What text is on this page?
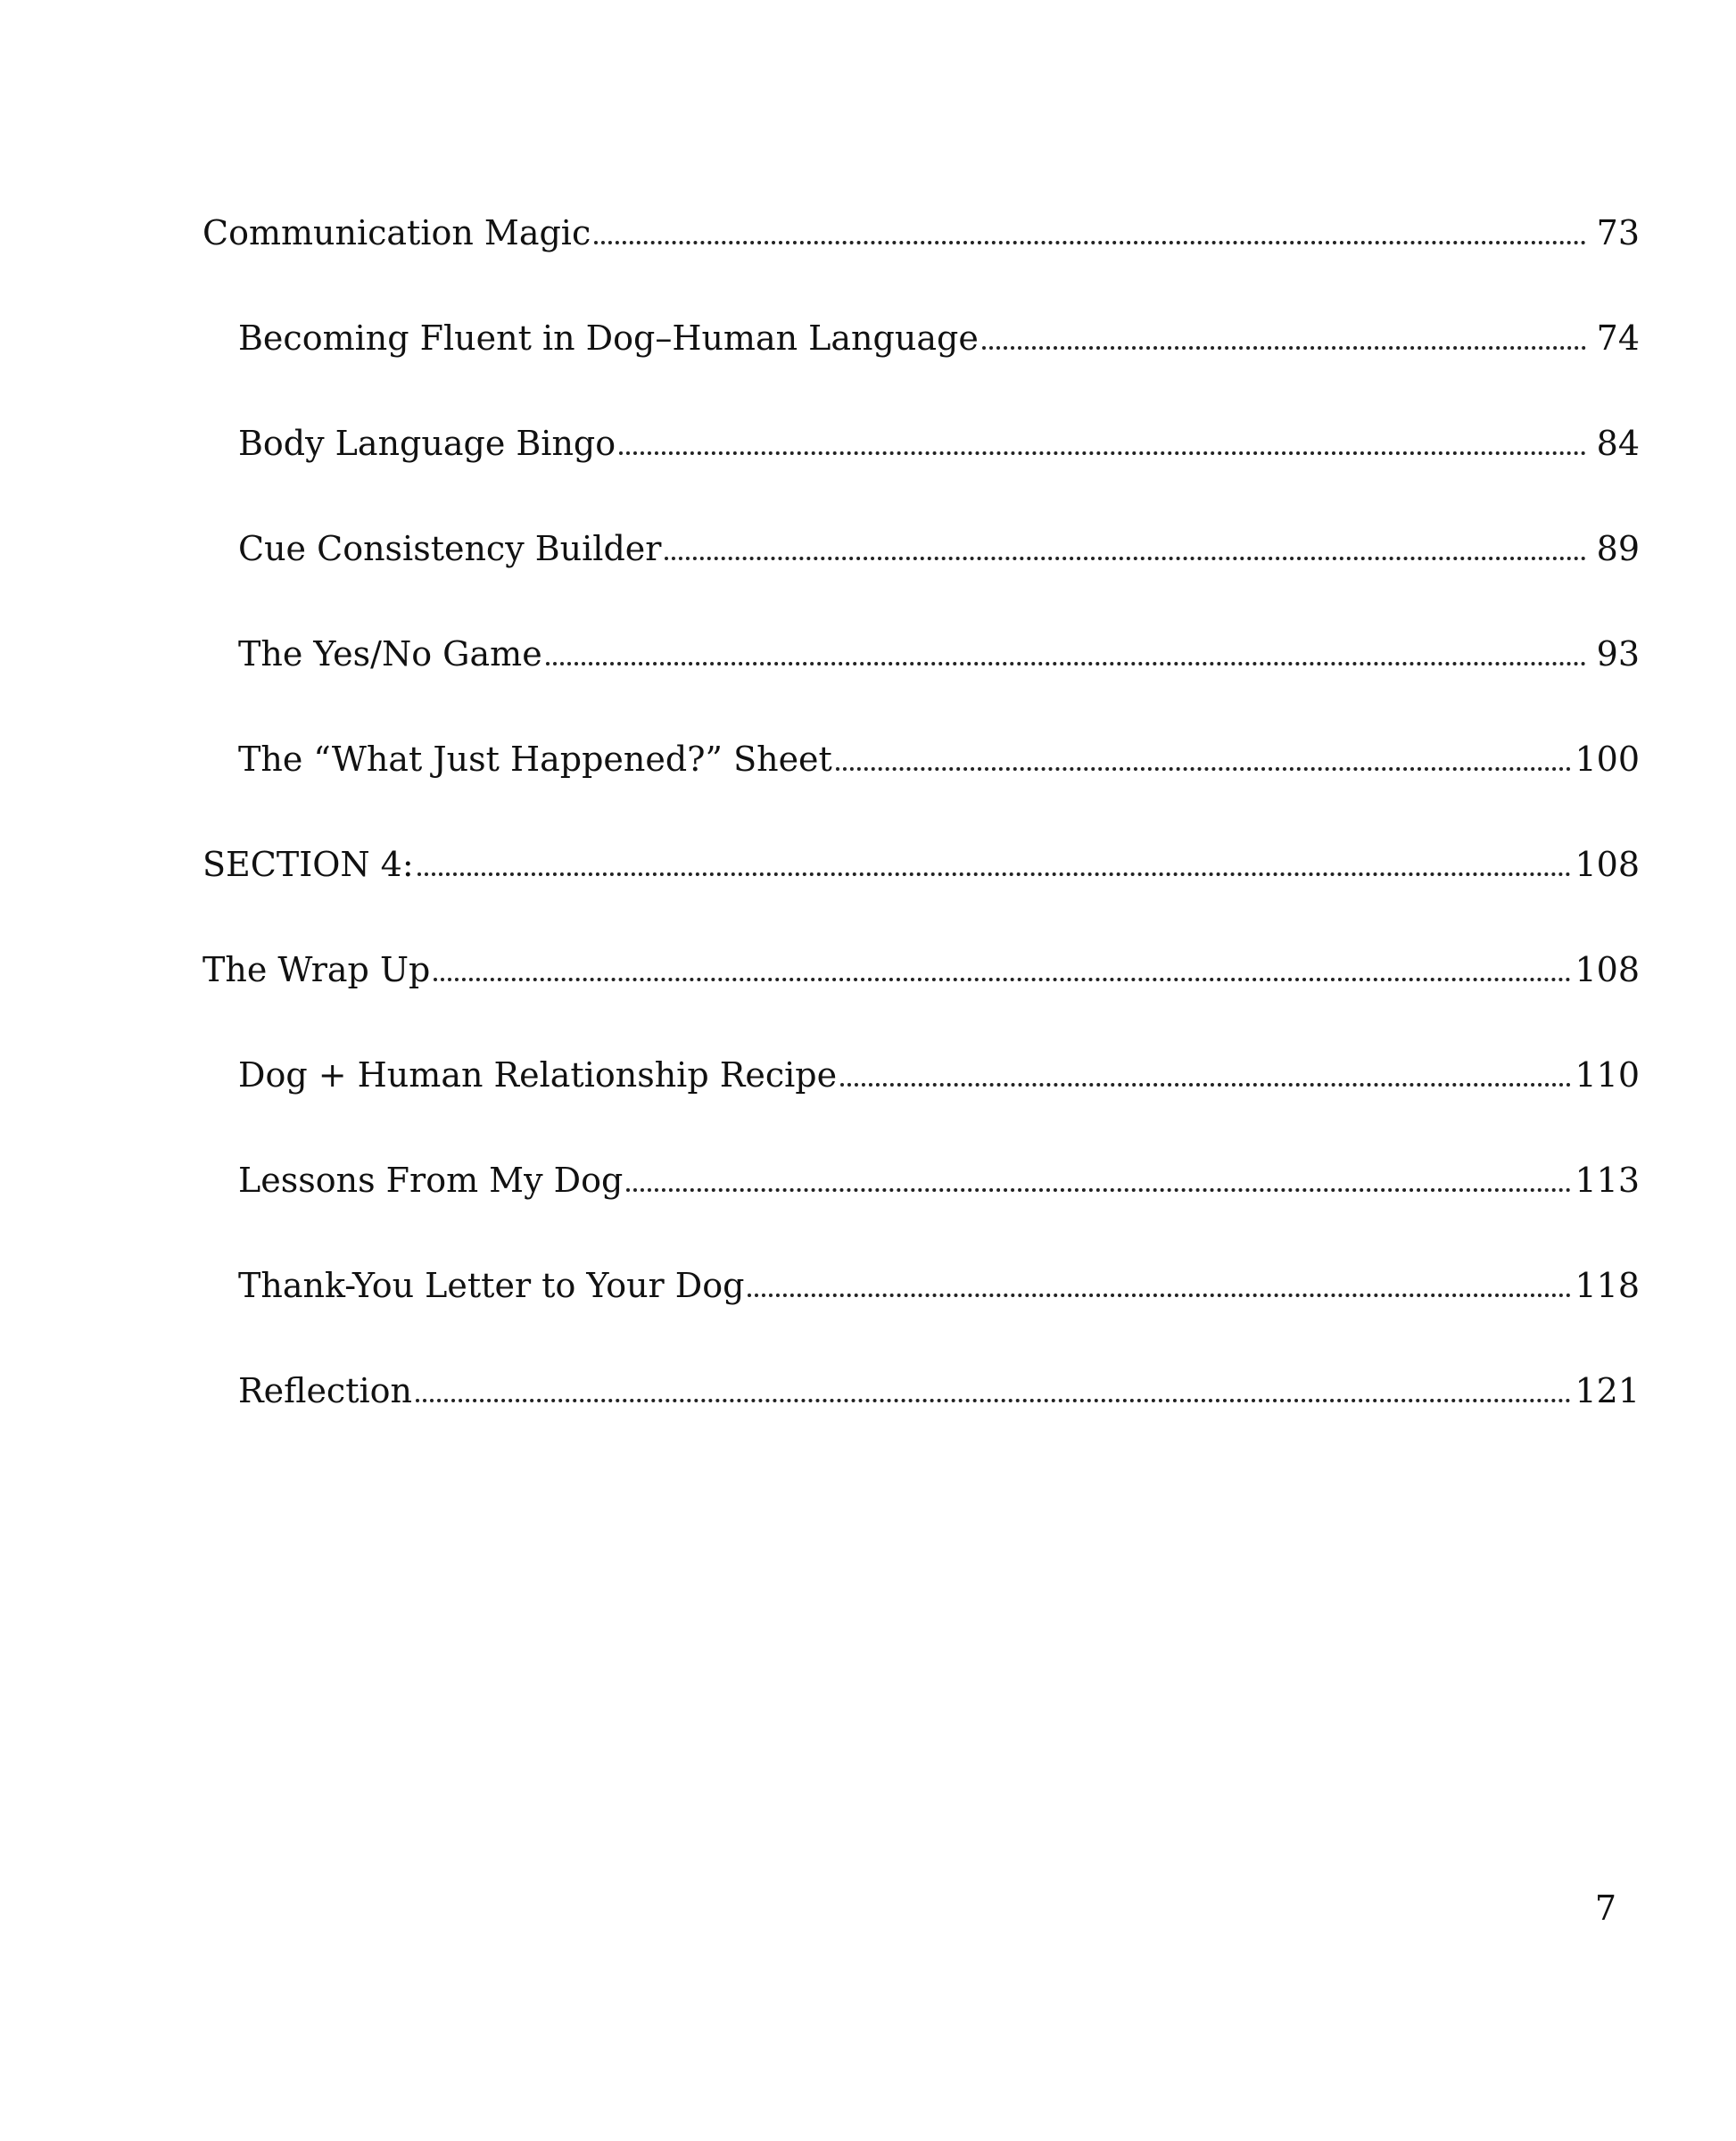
Communication Magic	73
Becoming Fluent in Dog–Human Language	74
Body Language Bingo	84
Cue Consistency Builder	89
The Yes/No Game	93
The “What Just Happened?” Sheet	100
SECTION 4:	108
The Wrap Up	108
Dog + Human Relationship Recipe	110
Lessons From My Dog	113
Thank-You Letter to Your Dog	118
Reflection	121
7
